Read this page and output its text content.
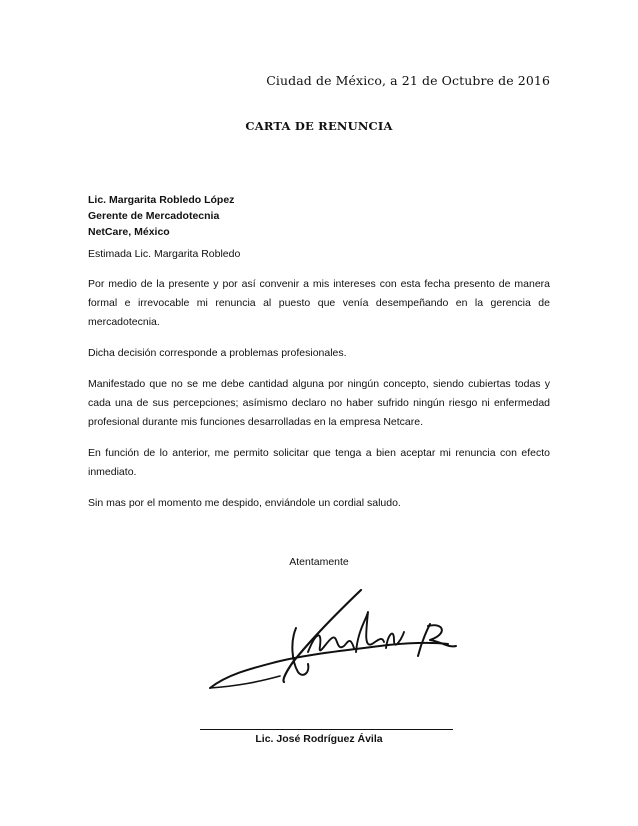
Ciudad de México, a 21 de Octubre de 2016
CARTA DE RENUNCIA
Lic. Margarita Robledo López
Gerente de Mercadotecnia
NetCare, México

Estimada Lic. Margarita Robledo

Por medio de la presente y por así convenir a mis intereses con esta fecha presento de manera formal e irrevocable mi renuncia al puesto que venía desempeñando en la gerencia de mercadotecnia.

Dicha decisión corresponde a problemas profesionales.

Manifestado que no se me debe cantidad alguna por ningún concepto, siendo cubiertas todas y cada una de sus percepciones; asímismo declaro no haber sufrido ningún riesgo ni enfermedad profesional durante mis funciones desarrolladas en la empresa Netcare.

En función de lo anterior, me permito solicitar que tenga a bien aceptar mi renuncia con efecto inmediato.

Sin mas por el momento me despido, enviándole un cordial saludo.

Atentamente
Lic. José Rodríguez Ávila
